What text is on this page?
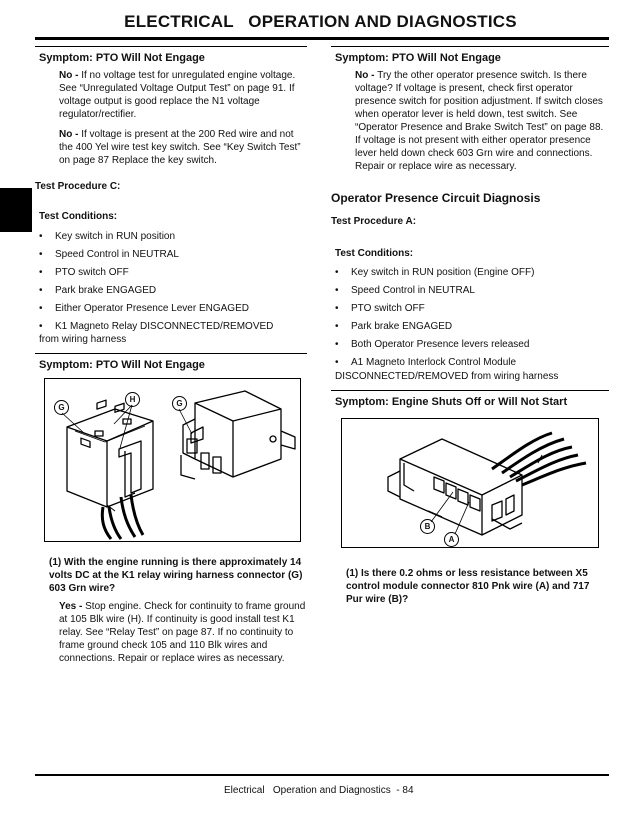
ELECTRICAL   OPERATION AND DIAGNOSTICS
Symptom: PTO Will Not Engage
No - If no voltage test for unregulated engine voltage. See “Unregulated Voltage Output Test” on page 91. If voltage output is good replace the N1 voltage regulator/rectifier.
No - If voltage is present at the 200 Red wire and not the 400 Yel wire test key switch. See “Key Switch Test” on page 87 Replace the key switch.
Test Procedure C:
Test Conditions:
• Key switch in RUN position
• Speed Control in NEUTRAL
• PTO switch OFF
• Park brake ENGAGED
• Either Operator Presence Lever ENGAGED
• K1 Magneto Relay DISCONNECTED/REMOVED
from wiring harness
Symptom: PTO Will Not Engage
G
H	G
(1) With the engine running is there approximately 14 volts DC at the K1 relay wiring harness connector (G) 603 Grn wire?
Yes - Stop engine. Check for continuity to frame ground at 105 Blk wire (H). If continuity is good install test K1 relay. See “Relay Test” on page 87. If no continuity to frame ground check 105 and 110 Blk wires and connections. Repair or replace wires as necessary.
Symptom: PTO Will Not Engage
No - Try the other operator presence switch. Is there voltage? If voltage is present, check first operator presence switch for position adjustment. If switch closes when operator lever is held down, test switch. See “Operator Presence and Brake Switch Test” on page 88. If voltage is not present with either operator presence lever held down check 603 Grn wire and connections. Repair or replace wire as necessary.
Operator Presence Circuit Diagnosis
Test Procedure A:
Test Conditions:
• Key switch in RUN position (Engine OFF)
• Speed Control in NEUTRAL
• PTO switch OFF
• Park brake ENGAGED
• Both Operator Presence levers released
• A1 Magneto Interlock Control Module
DISCONNECTED/REMOVED from wiring harness
Symptom: Engine Shuts Off or Will Not Start
B
A
(1) Is there 0.2 ohms or less resistance between X5 control module connector 810 Pnk wire (A) and 717 Pur wire (B)?
Electrical   Operation and Diagnostics  - 84
